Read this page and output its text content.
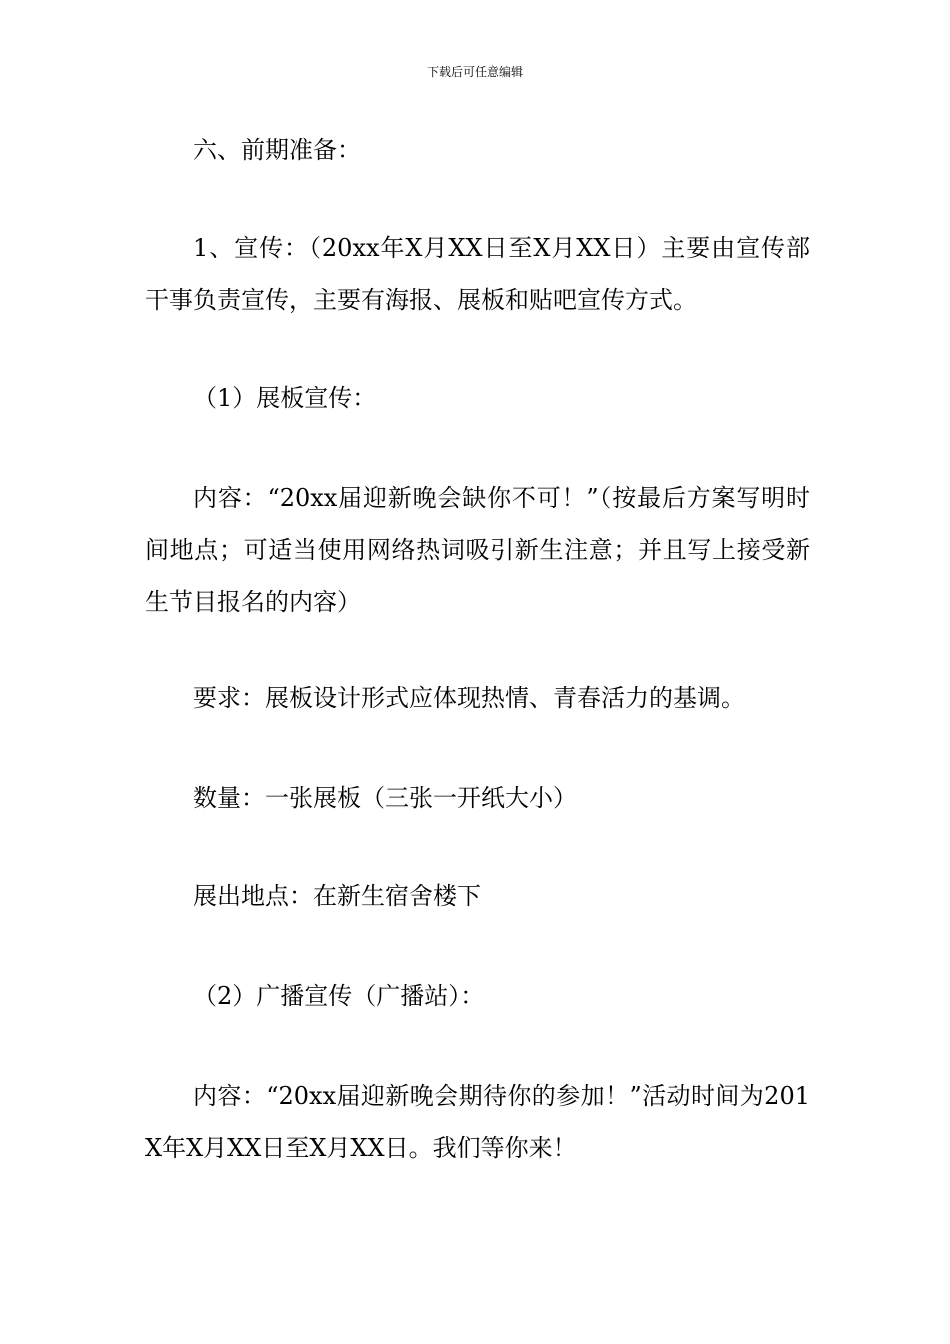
下载后可任意编辑
六、前期准备：
1、宣传：（20xx年X月XX日至X月XX日）主要由宣传部干事负责宣传，主要有海报、展板和贴吧宣传方式。
（1）展板宣传：
内容：“20xx届迎新晚会缺你不可！”（按最后方案写明时间地点；可适当使用网络热词吸引新生注意；并且写上接受新生节目报名的内容）
要求：展板设计形式应体现热情、青春活力的基调。
数量：一张展板（三张一开纸大小）
展出地点：在新生宿舍楼下
（2）广播宣传（广播站）：
内容：“20xx届迎新晚会期待你的参加！”活动时间为201X年X月XX日至X月XX日。我们等你来！
